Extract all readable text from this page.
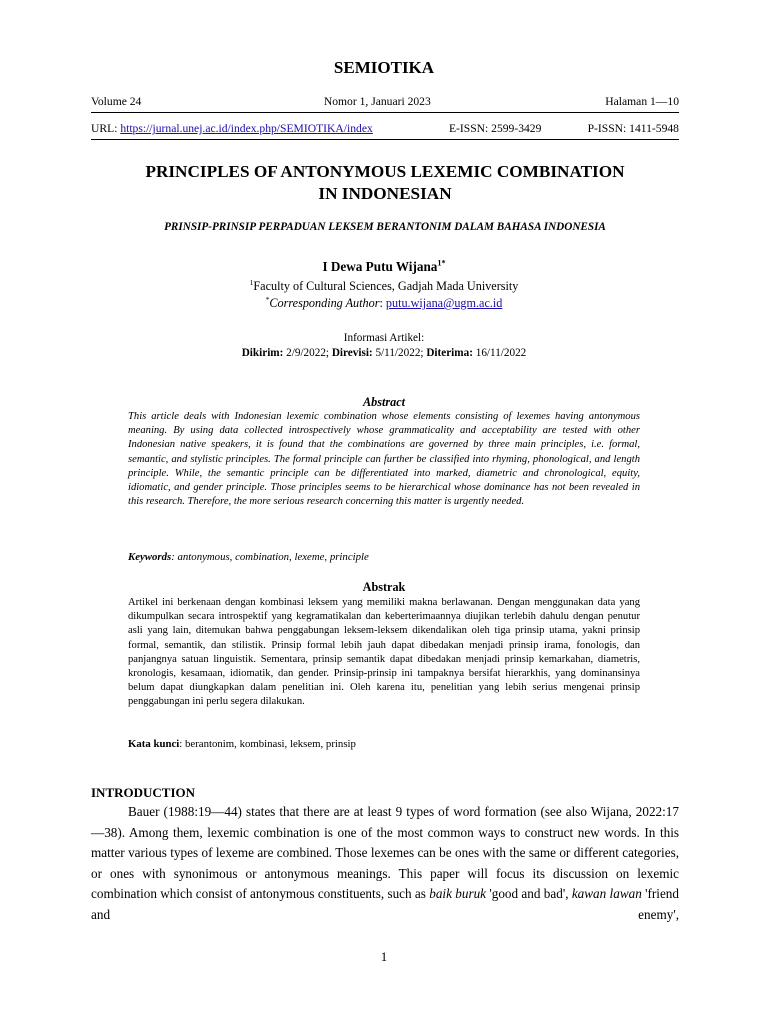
SEMIOTIKA
Volume 24	Nomor 1, Januari 2023	Halaman 1—10
URL: https://jurnal.unej.ac.id/index.php/SEMIOTIKA/index	E-ISSN: 2599-3429	P-ISSN: 1411-5948
PRINCIPLES OF ANTONYMOUS LEXEMIC COMBINATION
IN INDONESIAN
PRINSIP-PRINSIP PERPADUAN LEKSEM BERANTONIM DALAM BAHASA INDONESIA
I Dewa Putu Wijana$^{1*}$
$^1$Faculty of Cultural Sciences, Gadjah Mada University
*Corresponding Author: putu.wijana@ugm.ac.id
Informasi Artikel:
Dikirim: 2/9/2022; Direvisi: 5/11/2022; Diterima: 16/11/2022
Abstract
This article deals with Indonesian lexemic combination whose elements consisting of lexemes having antonymous meaning. By using data collected introspectively whose grammaticality and acceptability are tested with other Indonesian native speakers, it is found that the combinations are governed by three main principles, i.e. formal, semantic, and stylistic principles. The formal principle can further be classified into rhyming, phonological, and length principle. While, the semantic principle can be differentiated into marked, diametric and chronological, equity, idiomatic, and gender principle. Those principles seems to be hierarchical whose dominance has not been revealed in this research. Therefore, the more serious research concerning this matter is urgently needed.
Keywords: antonymous, combination, lexeme, principle
Abstrak
Artikel ini berkenaan dengan kombinasi leksem yang memiliki makna berlawanan. Dengan menggunakan data yang dikumpulkan secara introspektif yang kegramatikalan dan keberterimaannya diujikan terlebih dahulu dengan penutur asli yang lain, ditemukan bahwa penggabungan leksem-leksem dikendalikan oleh tiga prinsip utama, yakni prinsip formal, semantik, dan stilistik. Prinsip formal lebih jauh dapat dibedakan menjadi prinsip irama, fonologis, dan panjangnya satuan linguistik. Sementara, prinsip semantik dapat dibedakan menjadi prinsip kemarkahan, diametris, kronologis, kesamaan, idiomatik, dan gender. Prinsip-prinsip ini tampaknya bersifat hierarkhis, yang dominansinya belum dapat diungkapkan dalam penelitian ini. Oleh karena itu, penelitian yang lebih serius mengenai prinsip penggabungan ini perlu segera dilakukan.
Kata kunci: berantonim, kombinasi, leksem, prinsip
INTRODUCTION
Bauer (1988:19—44) states that there are at least 9 types of word formation (see also Wijana, 2022:17—38). Among them, lexemic combination is one of the most common ways to construct new words. In this matter various types of lexeme are combined. Those lexemes can be ones with the same or different categories, or ones with synonimous or antonymous meanings. This paper will focus its discussion on lexemic combination which consist of antonymous constituents, such as baik buruk 'good and bad', kawan lawan 'friend and enemy',
1
